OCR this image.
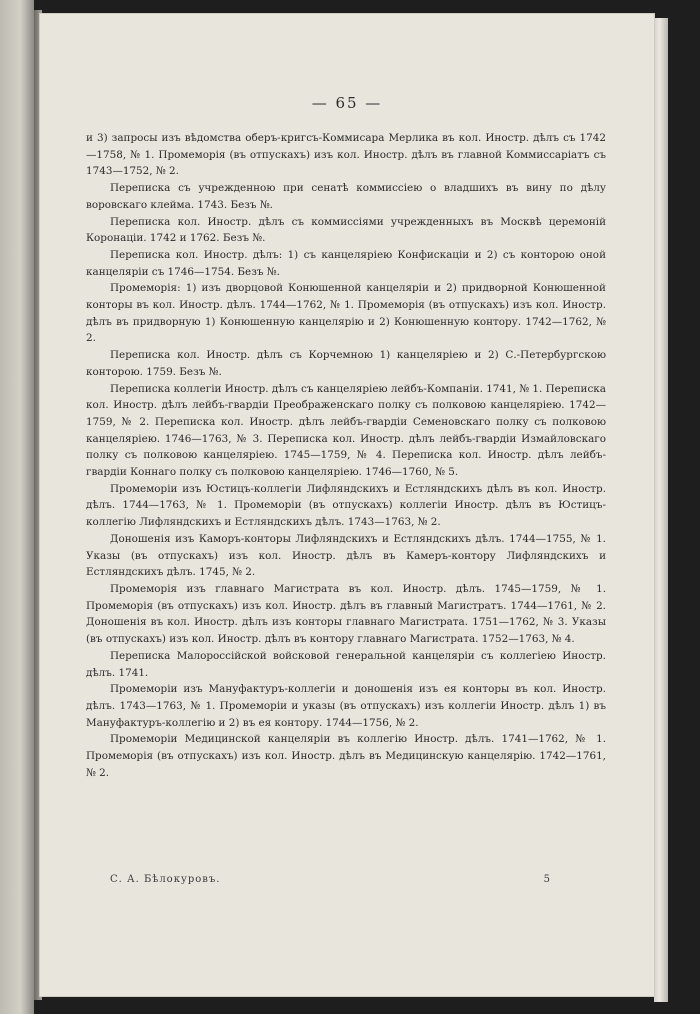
— 65 —

и 3) запросы изъ вѣдомства оберъ-кригсъ-Коммисара Мерлика въ кол. Иностр. дѣлъ съ 1742—1758, № 1. Промеморія (въ отпускахъ) изъ кол. Иностр. дѣлъ въ главной Коммиссаріатъ съ 1743—1752, № 2.

Переписка съ учрежденною при сенатѣ коммиссіею о владшихъ въ вину по дѣлу воровскаго клейма. 1743. Безъ №.

Переписка кол. Иностр. дѣлъ съ коммиссіями учрежденныхъ въ Москвѣ церемоній Коронаціи. 1742 и 1762. Безъ №.

Переписка кол. Иностр. дѣлъ: 1) съ канцеляріею Конфискаціи и 2) съ конторою оной канцеляріи съ 1746—1754. Безъ №.

Промеморія: 1) изъ дворцовой Конюшенной канцеляріи и 2) придворной Конюшенной конторы въ кол. Иностр. дѣлъ. 1744—1762, № 1. Промеморія (въ отпускахъ) изъ кол. Иностр. дѣлъ въ придворную 1) Конюшенную канцелярію и 2) Конюшенную контору. 1742—1762, № 2.

Переписка кол. Иностр. дѣлъ съ Корчемною 1) канцеляріею и 2) С.-Петербургскою конторою. 1759. Безъ №.

Переписка коллегіи Иностр. дѣлъ съ канцеляріею лейбъ-Компаніи. 1741, № 1. Переписка кол. Иностр. дѣлъ лейбъ-гвардіи Преображенскаго полку съ полковою канцеляріею. 1742—1759, № 2. Переписка кол. Иностр. дѣлъ лейбъ-гвардіи Семеновскаго полку съ полковою канцеляріею. 1746—1763, № 3. Переписка кол. Иностр. дѣлъ лейбъ-гвардіи Измайловскаго полку съ полковою канцеляріею. 1745—1759, № 4. Переписка кол. Иностр. дѣлъ лейбъ-гвардіи Коннаго полку съ полковою канцеляріею. 1746—1760, № 5.

Промеморіи изъ Юстицъ-коллегіи Лифляндскихъ и Естляндскихъ дѣлъ въ кол. Иностр. дѣлъ. 1744—1763, № 1. Промеморіи (въ отпускахъ) коллегіи Иностр. дѣлъ въ Юстицъ-коллегію Лифляндскихъ и Естляндскихъ дѣлъ. 1743—1763, № 2.

Доношенія изъ Каморъ-конторы Лифляндскихъ и Естляндскихъ дѣлъ. 1744—1755, № 1. Указы (въ отпускахъ) изъ кол. Иностр. дѣлъ въ Камеръ-контору Лифляндскихъ и Естляндскихъ дѣлъ. 1745, № 2.

Промеморія изъ главнаго Магистрата въ кол. Иностр. дѣлъ. 1745—1759, № 1. Промеморія (въ отпускахъ) изъ кол. Иностр. дѣлъ въ главный Магистратъ. 1744—1761, № 2. Доношенія въ кол. Иностр. дѣлъ изъ конторы главнаго Магистрата. 1751—1762, № 3. Указы (въ отпускахъ) изъ кол. Иностр. дѣлъ въ контору главнаго Магистрата. 1752—1763, № 4.

Переписка Малороссійской войсковой генеральной канцеляріи съ коллегіею Иностр. дѣлъ. 1741.

Промеморіи изъ Мануфактуръ-коллегіи и доношенія изъ ея конторы въ кол. Иностр. дѣлъ. 1743—1763, № 1. Промеморіи и указы (въ отпускахъ) изъ коллегіи Иностр. дѣлъ 1) въ Мануфактуръ-коллегію и 2) въ ея контору. 1744—1756, № 2.

Промеморіи Медицинской канцеляріи въ коллегію Иностр. дѣлъ. 1741—1762, № 1. Промеморія (въ отпускахъ) изъ кол. Иностр. дѣлъ въ Медицинскую канцелярію. 1742—1761, № 2.

С. А. Бѣлокуровъ.	5
